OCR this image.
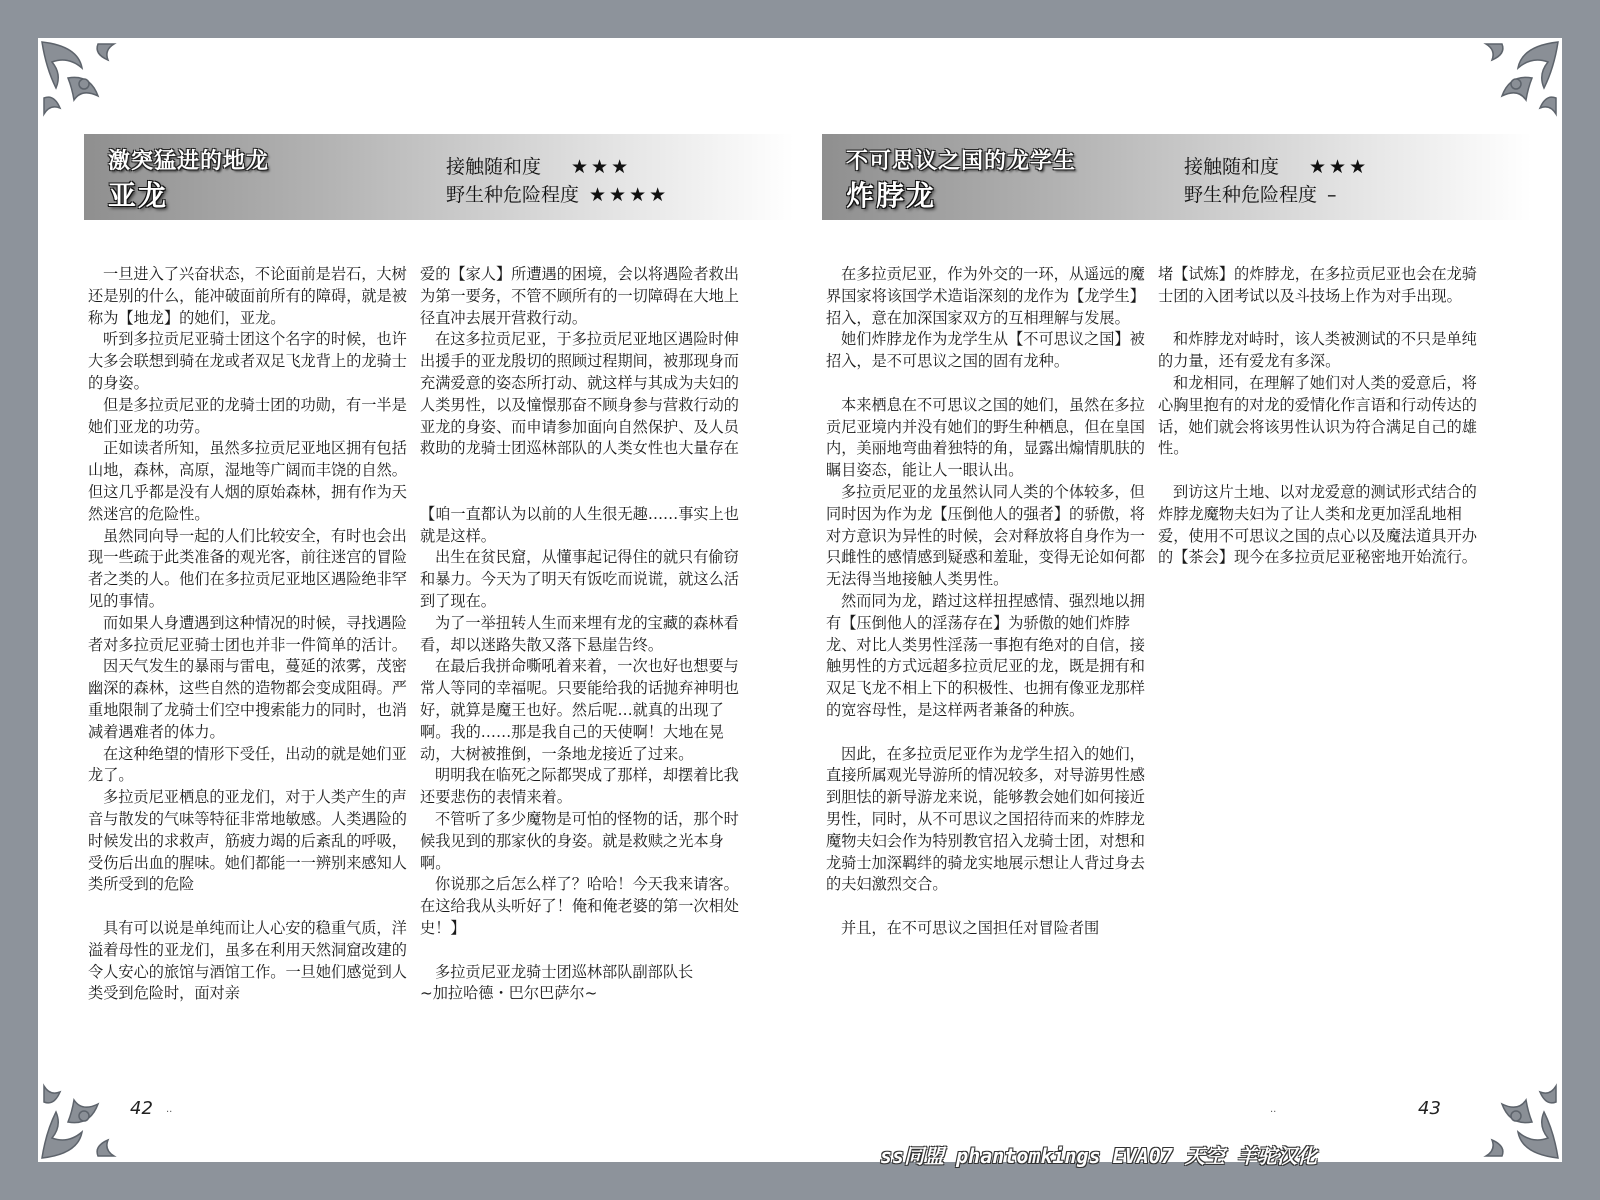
激突猛进的地龙
亚龙
接触随和度 ★★★
野生种危险程度 ★★★★
不可思议之国的龙学生
炸脖龙
接触随和度 ★★★
野生种危险程度 –

一旦进入了兴奋状态，不论面前是岩石，大树还是别的什么，能冲破面前所有的障碍，就是被称为【地龙】的她们，亚龙。

听到多拉贡尼亚骑士团这个名字的时候，也许大多会联想到骑在龙或者双足飞龙背上的龙骑士的身姿。

但是多拉贡尼亚的龙骑士团的功勋，有一半是她们亚龙的功劳。

正如读者所知，虽然多拉贡尼亚地区拥有包括山地，森林，高原，湿地等广阔而丰饶的自然。但这几乎都是没有人烟的原始森林，拥有作为天然迷宫的危险性。

虽然同向导一起的人们比较安全，有时也会出现一些疏于此类准备的观光客，前往迷宫的冒险者之类的人。他们在多拉贡尼亚地区遇险绝非罕见的事情。

而如果人身遭遇到这种情况的时候，寻找遇险者对多拉贡尼亚骑士团也并非一件简单的活计。

因天气发生的暴雨与雷电，蔓延的浓雾，茂密幽深的森林，这些自然的造物都会变成阻碍。严重地限制了龙骑士们空中搜索能力的同时，也消减着遇难者的体力。

在这种绝望的情形下受任，出动的就是她们亚龙了。

多拉贡尼亚栖息的亚龙们，对于人类产生的声音与散发的气味等特征非常地敏感。人类遇险的时候发出的求救声，筋疲力竭的后紊乱的呼吸，受伤后出血的腥味。她们都能一一辨别来感知人类所受到的危险

具有可以说是单纯而让人心安的稳重气质，洋溢着母性的亚龙们，虽多在利用天然洞窟改建的令人安心的旅馆与酒馆工作。一旦她们感觉到人类受到危险时，面对亲

爱的【家人】所遭遇的困境，会以将遇险者救出为第一要务，不管不顾所有的一切障碍在大地上径直冲去展开营救行动。

在这多拉贡尼亚，于多拉贡尼亚地区遇险时伸出援手的亚龙殷切的照顾过程期间，被那现身而充满爱意的姿态所打动、就这样与其成为夫妇的人类男性，以及憧憬那奋不顾身参与营救行动的亚龙的身姿、而申请参加面向自然保护、及人员救助的龙骑士团巡林部队的人类女性也大量存在

【咱一直都认为以前的人生很无趣……事实上也就是这样。

出生在贫民窟，从懂事起记得住的就只有偷窃和暴力。今天为了明天有饭吃而说谎，就这么活到了现在。

为了一举扭转人生而来埋有龙的宝藏的森林看看，却以迷路失散又落下悬崖告终。

在最后我拼命嘶吼着来着，一次也好也想要与常人等同的幸福呢。只要能给我的话抛弃神明也好，就算是魔王也好。然后呢…就真的出现了啊。我的……那是我自己的天使啊！大地在晃动，大树被推倒，一条地龙接近了过来。

明明我在临死之际都哭成了那样，却摆着比我还要悲伤的表情来着。

不管听了多少魔物是可怕的怪物的话，那个时候我见到的那家伙的身姿。就是救赎之光本身啊。

你说那之后怎么样了？哈哈！今天我来请客。在这给我从头听好了！俺和俺老婆的第一次相处史！】

多拉贡尼亚龙骑士团巡林部队副部队长
~加拉哈德・巴尔巴萨尔~

在多拉贡尼亚，作为外交的一环，从遥远的魔界国家将该国学术造诣深刻的龙作为【龙学生】招入，意在加深国家双方的互相理解与发展。

她们炸脖龙作为龙学生从【不可思议之国】被招入，是不可思议之国的固有龙种。

本来栖息在不可思议之国的她们，虽然在多拉贡尼亚境内并没有她们的野生种栖息，但在皇国内，美丽地弯曲着独特的角，显露出煽情肌肤的瞩目姿态，能让人一眼认出。

多拉贡尼亚的龙虽然认同人类的个体较多，但同时因为作为龙【压倒他人的强者】的骄傲，将对方意识为异性的时候，会对释放将自身作为一只雌性的感情感到疑惑和羞耻，变得无论如何都无法得当地接触人类男性。

然而同为龙，踏过这样扭捏感情、强烈地以拥有【压倒他人的淫荡存在】为骄傲的她们炸脖龙、对比人类男性淫荡一事抱有绝对的自信，接触男性的方式远超多拉贡尼亚的龙，既是拥有和双足飞龙不相上下的积极性、也拥有像亚龙那样的宽容母性，是这样两者兼备的种族。

因此，在多拉贡尼亚作为龙学生招入的她们，直接所属观光导游所的情况较多，对导游男性感到胆怯的新导游龙来说，能够教会她们如何接近男性，同时，从不可思议之国招待而来的炸脖龙魔物夫妇会作为特别教官招入龙骑士团，对想和龙骑士加深羁绊的骑龙实地展示想让人背过身去的夫妇激烈交合。

并且，在不可思议之国担任对冒险者围

堵【试炼】的炸脖龙，在多拉贡尼亚也会在龙骑士团的入团考试以及斗技场上作为对手出现。

和炸脖龙对峙时，该人类被测试的不只是单纯的力量，还有爱龙有多深。

和龙相同，在理解了她们对人类的爱意后，将心胸里抱有的对龙的爱情化作言语和行动传达的话，她们就会将该男性认识为符合满足自己的雄性。

到访这片土地、以对龙爱意的测试形式结合的炸脖龙魔物夫妇为了让人类和龙更加淫乱地相爱，使用不可思议之国的点心以及魔法道具开办的【茶会】现今在多拉贡尼亚秘密地开始流行。

42 ..	43
..
ss同盟 phantomkings EVA07 天空 羊驼汉化
